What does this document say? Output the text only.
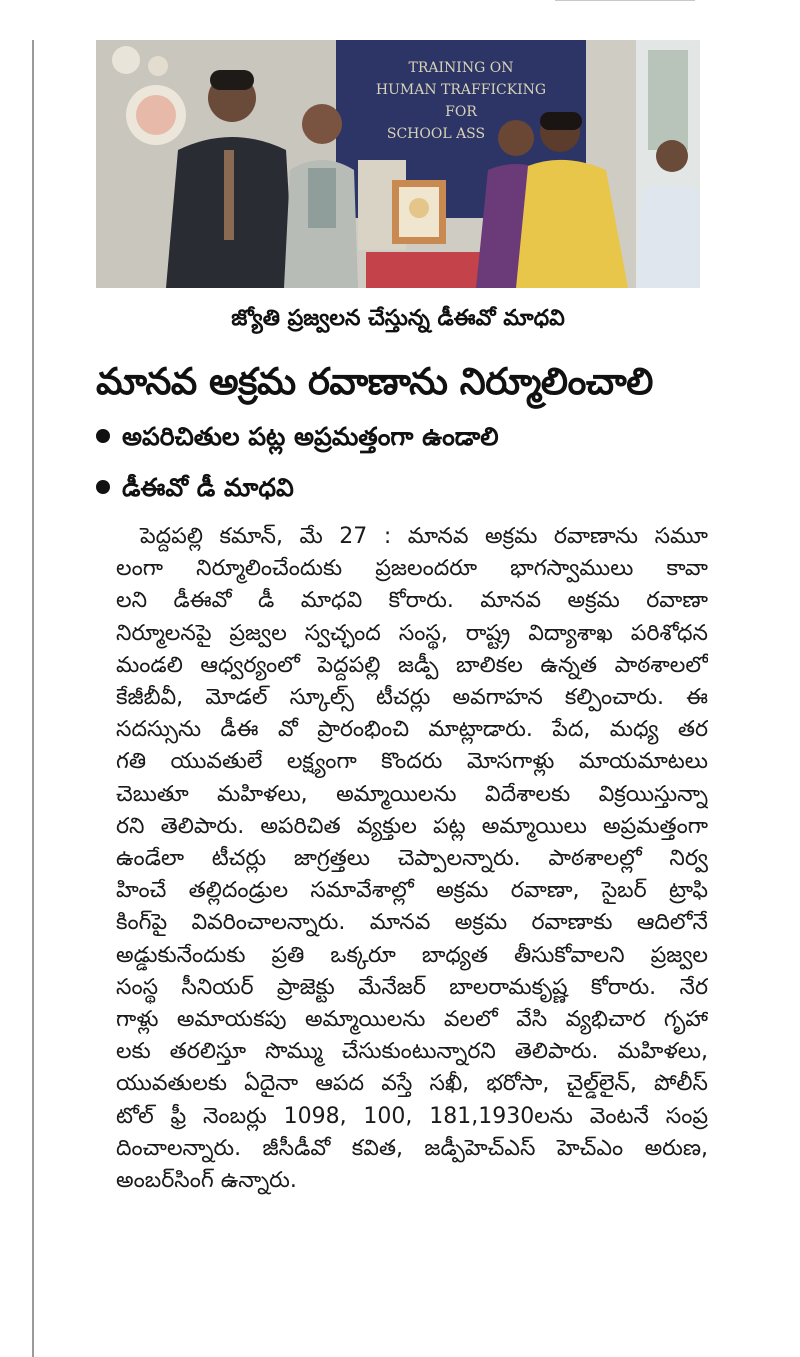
TRAINING ON
HUMAN TRAFFICKING
FOR
SCHOOL ASS
జ్యోతి ప్రజ్వలన చేస్తున్న డీఈవో మాధవి
మానవ అక్రమ రవాణాను నిర్మూలించాలి
అపరిచితుల పట్ల అప్రమత్తంగా ఉండాలి
డీఈవో డీ మాధవి
పెద్దపల్లి కమాన్, మే 27 : మానవ అక్రమ రవాణాను సమూ
లంగా నిర్మూలించేందుకు ప్రజలందరూ భాగస్వాములు కావా
లని డీఈవో డీ మాధవి కోరారు. మానవ అక్రమ రవాణా
నిర్మూలనపై ప్రజ్వల స్వచ్ఛంద సంస్థ, రాష్ట్ర విద్యాశాఖ పరిశోధన
మండలి ఆధ్వర్యంలో పెద్దపల్లి జడ్పీ బాలికల ఉన్నత పాఠశాలలో
కేజీబీవీ, మోడల్ స్కూల్స్ టీచర్లు అవగాహన కల్పించారు. ఈ
సదస్సును డీఈ వో ప్రారంభించి మాట్లాడారు. పేద, మధ్య తర
గతి యువతులే లక్ష్యంగా కొందరు మోసగాళ్లు మాయమాటలు
చెబుతూ మహిళలు, అమ్మాయిలను విదేశాలకు విక్రయిస్తున్నా
రని తెలిపారు. అపరిచిత వ్యక్తుల పట్ల అమ్మాయిలు అప్రమత్తంగా
ఉండేలా టీచర్లు జాగ్రత్తలు చెప్పాలన్నారు. పాఠశాలల్లో నిర్వ
హించే తల్లిదండ్రుల సమావేశాల్లో అక్రమ రవాణా, సైబర్ ట్రాఫి
కింగ్‌పై వివరించాలన్నారు. మానవ అక్రమ రవాణాకు ఆదిలోనే
అడ్డుకునేందుకు ప్రతి ఒక్కరూ బాధ్యత తీసుకోవాలని ప్రజ్వల
సంస్థ సీనియర్ ప్రాజెక్టు మేనేజర్ బాలరామకృష్ణ కోరారు. నేర
గాళ్లు అమాయకపు అమ్మాయిలను వలలో వేసి వ్యభిచార గృహా
లకు తరలిస్తూ సొమ్ము చేసుకుంటున్నారని తెలిపారు. మహిళలు,
యువతులకు ఏదైనా ఆపద వస్తే సఖీ, భరోసా, చైల్డ్‌లైన్, పోలీస్
టోల్ ఫ్రీ నెంబర్లు 1098, 100, 181,1930లను వెంటనే సంప్ర
దించాలన్నారు. జీసీడీవో కవిత, జడ్పీహెచ్ఎస్ హెచ్ఎం అరుణ,
అంబర్‌సింగ్ ఉన్నారు.
